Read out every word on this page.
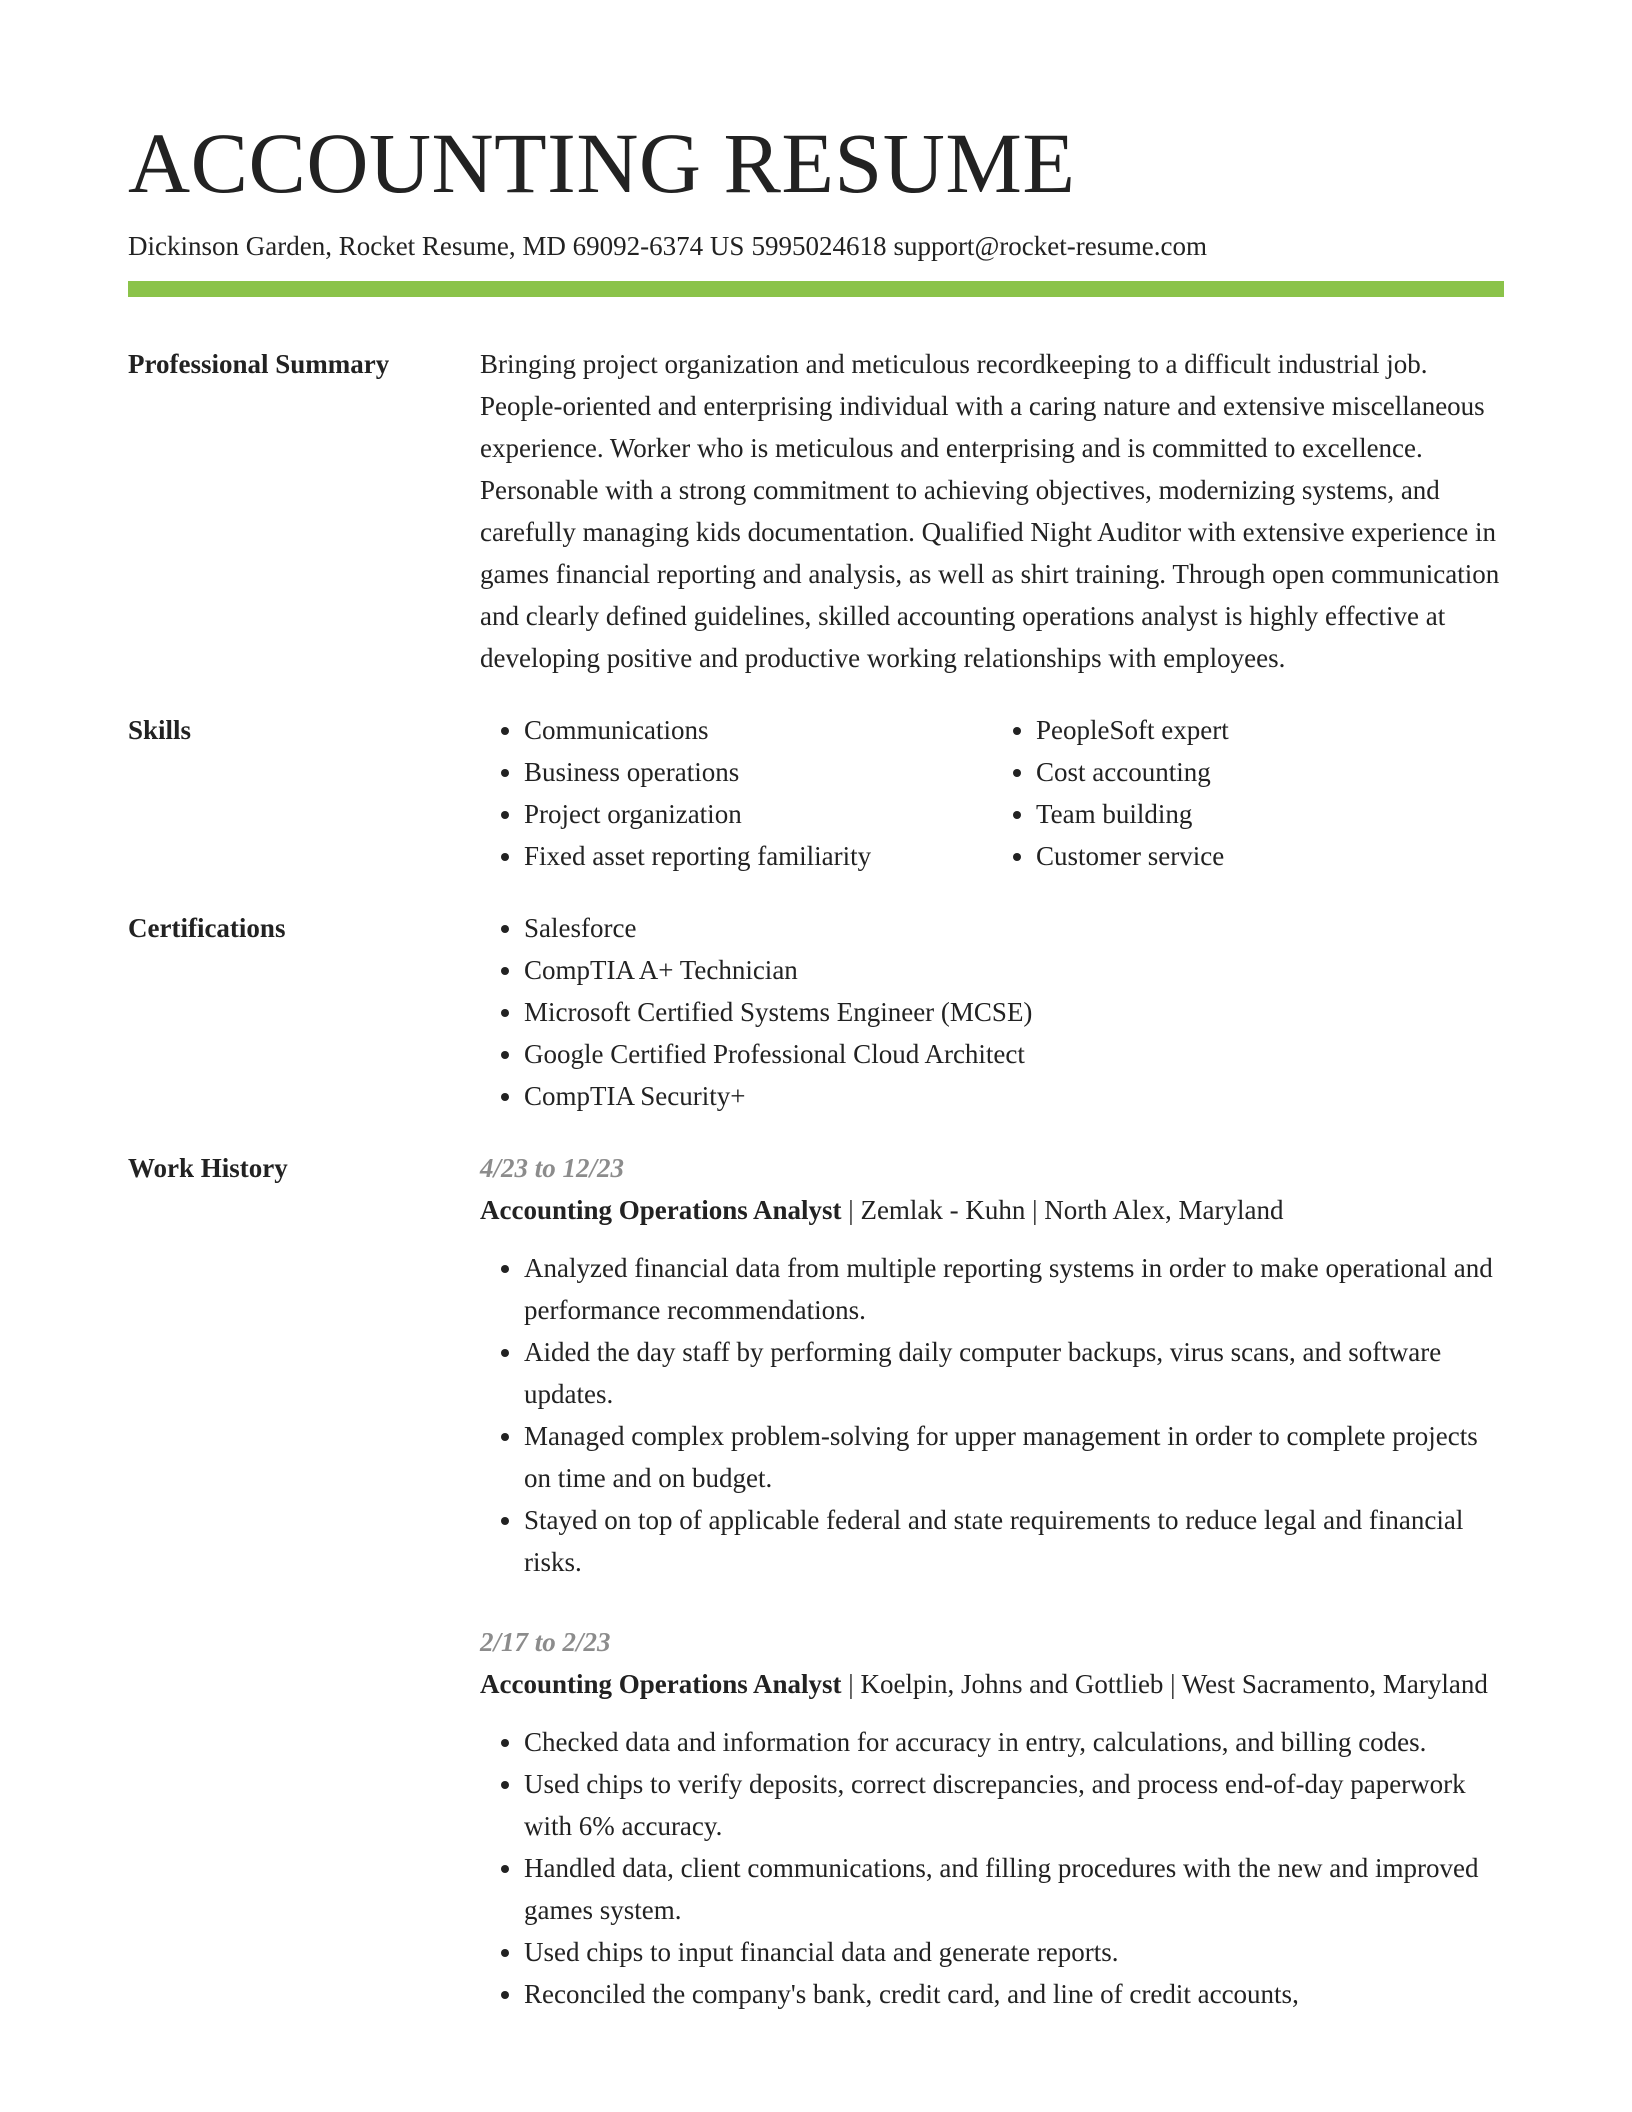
ACCOUNTING RESUME
Dickinson Garden, Rocket Resume, MD 69092-6374 US 5995024618 support@rocket-resume.com
Professional Summary	Bringing project organization and meticulous recordkeeping to a difficult industrial job. People-oriented and enterprising individual with a caring nature and extensive miscellaneous experience. Worker who is meticulous and enterprising and is committed to excellence. Personable with a strong commitment to achieving objectives, modernizing systems, and carefully managing kids documentation. Qualified Night Auditor with extensive experience in games financial reporting and analysis, as well as shirt training. Through open communication and clearly defined guidelines, skilled accounting operations analyst is highly effective at developing positive and productive working relationships with employees.

Skills	• Communications
• Business operations
• Project organization
• Fixed asset reporting familiarity
• PeopleSoft expert
• Cost accounting
• Team building
• Customer service
Certifications	• Salesforce
• CompTIA A+ Technician
• Microsoft Certified Systems Engineer (MCSE)
• Google Certified Professional Cloud Architect
• CompTIA Security+
Work History	4/23 to 12/23
Accounting Operations Analyst | Zemlak - Kuhn | North Alex, Maryland
• Analyzed financial data from multiple reporting systems in order to make operational and performance recommendations.
• Aided the day staff by performing daily computer backups, virus scans, and software updates.
• Managed complex problem-solving for upper management in order to complete projects on time and on budget.
• Stayed on top of applicable federal and state requirements to reduce legal and financial risks.
2/17 to 2/23
Accounting Operations Analyst | Koelpin, Johns and Gottlieb | West Sacramento, Maryland
• Checked data and information for accuracy in entry, calculations, and billing codes.
• Used chips to verify deposits, correct discrepancies, and process end-of-day paperwork with 6% accuracy.
• Handled data, client communications, and filling procedures with the new and improved games system.
• Used chips to input financial data and generate reports.
• Reconciled the company's bank, credit card, and line of credit accounts,
